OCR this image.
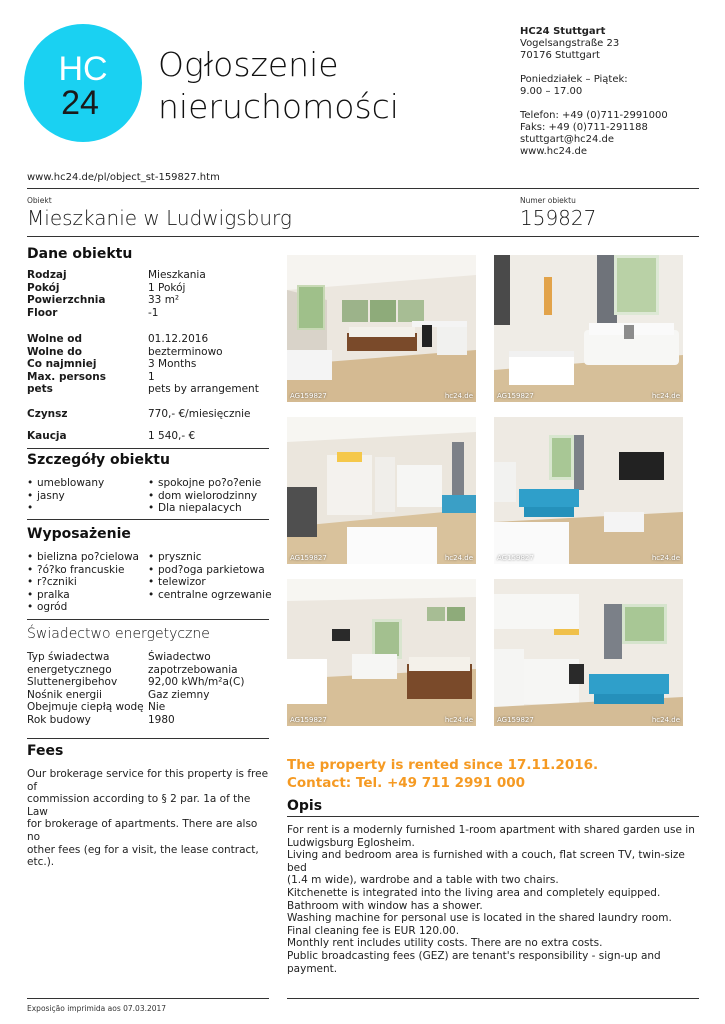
HC
24
Ogłoszenie
nieruchomości
HC24 Stuttgart
Vogelsangstraße 23
70176 Stuttgart
Poniedziałek – Piątek:
9.00 – 17.00
Telefon: +49 (0)711-2991000
Faks: +49 (0)711-291188
stuttgart@hc24.de
www.hc24.de
www.hc24.de/pl/object_st-159827.htm
Obiekt
Mieszkanie w Ludwigsburg
Numer obiektu
159827
Dane obiektu
Rodzaj	Mieszkania
Pokój	1 Pokój
Powierzchnia	33 m²
Floor	-1
Wolne od	01.12.2016
Wolne do	bezterminowo
Co najmniej	3 Months
Max. persons	1
pets	pets by arrangement
Czynsz	770,- €/miesięcznie
Kaucja	1 540,- €
Szczegóły obiektu
• umeblowany
• jasny
• spokojne po?o?enie
• dom wielorodzinny
• Dla niepalacych
Wyposażenie
• bielizna po?cielowa
• ?ó?ko francuskie
• r?czniki
• pralka
• ogród
• prysznic
• pod?oga parkietowa
• telewizor
• centralne ogrzewanie
Świadectwo energetyczne
Typ świadectwa	Świadectwo
energetycznego	zapotrzebowania
Sluttenergibehov	92,00 kWh/m²a(C)
Nośnik energii	Gaz ziemny
Obejmuje ciepłą wodę Nie
Rok budowy	1980
Fees
Our brokerage service for this property is free of
commission according to § 2 par. 1a of the Law
for brokerage of apartments. There are also no
other fees (eg for a visit, the lease contract, etc.).
AG159827	hc24.de	AG159827	hc24.de
AG159827	hc24.de	AG159827	hc24.de
AG159827	hc24.de	AG159827	hc24.de
The property is rented since 17.11.2016.
Contact: Tel. +49 711 2991 000
Opis
For rent is a modernly furnished 1-room apartment with shared garden use in
Ludwigsburg Eglosheim.
Living and bedroom area is furnished with a couch, flat screen TV, twin-size bed
(1.4 m wide), wardrobe and a table with two chairs.
Kitchenette is integrated into the living area and completely equipped.
Bathroom with window has a shower.
Washing machine for personal use is located in the shared laundry room.
Final cleaning fee is EUR 120.00.
Monthly rent includes utility costs. There are no extra costs.
Public broadcasting fees (GEZ) are tenant's responsibility - sign-up and payment.
Exposição imprimida aos 07.03.2017
